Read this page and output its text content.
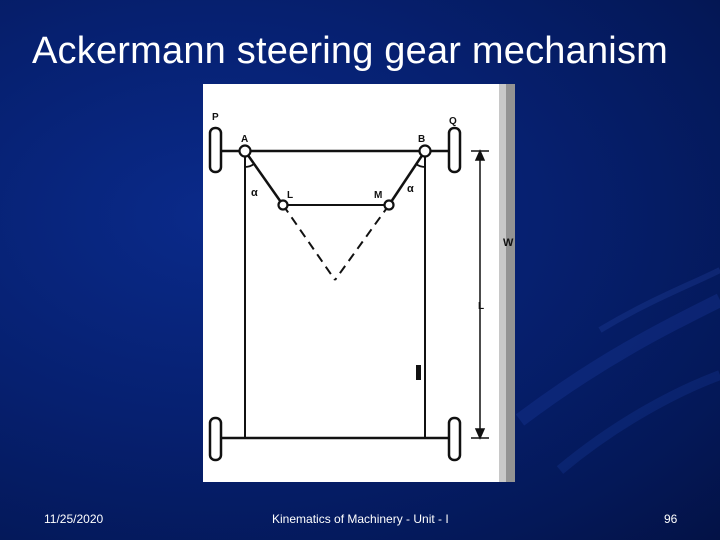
Ackermann steering gear mechanism
P	Q
A	B
L	M
α	α
L
W
11/25/2020	Kinematics of Machinery - Unit - I	96
